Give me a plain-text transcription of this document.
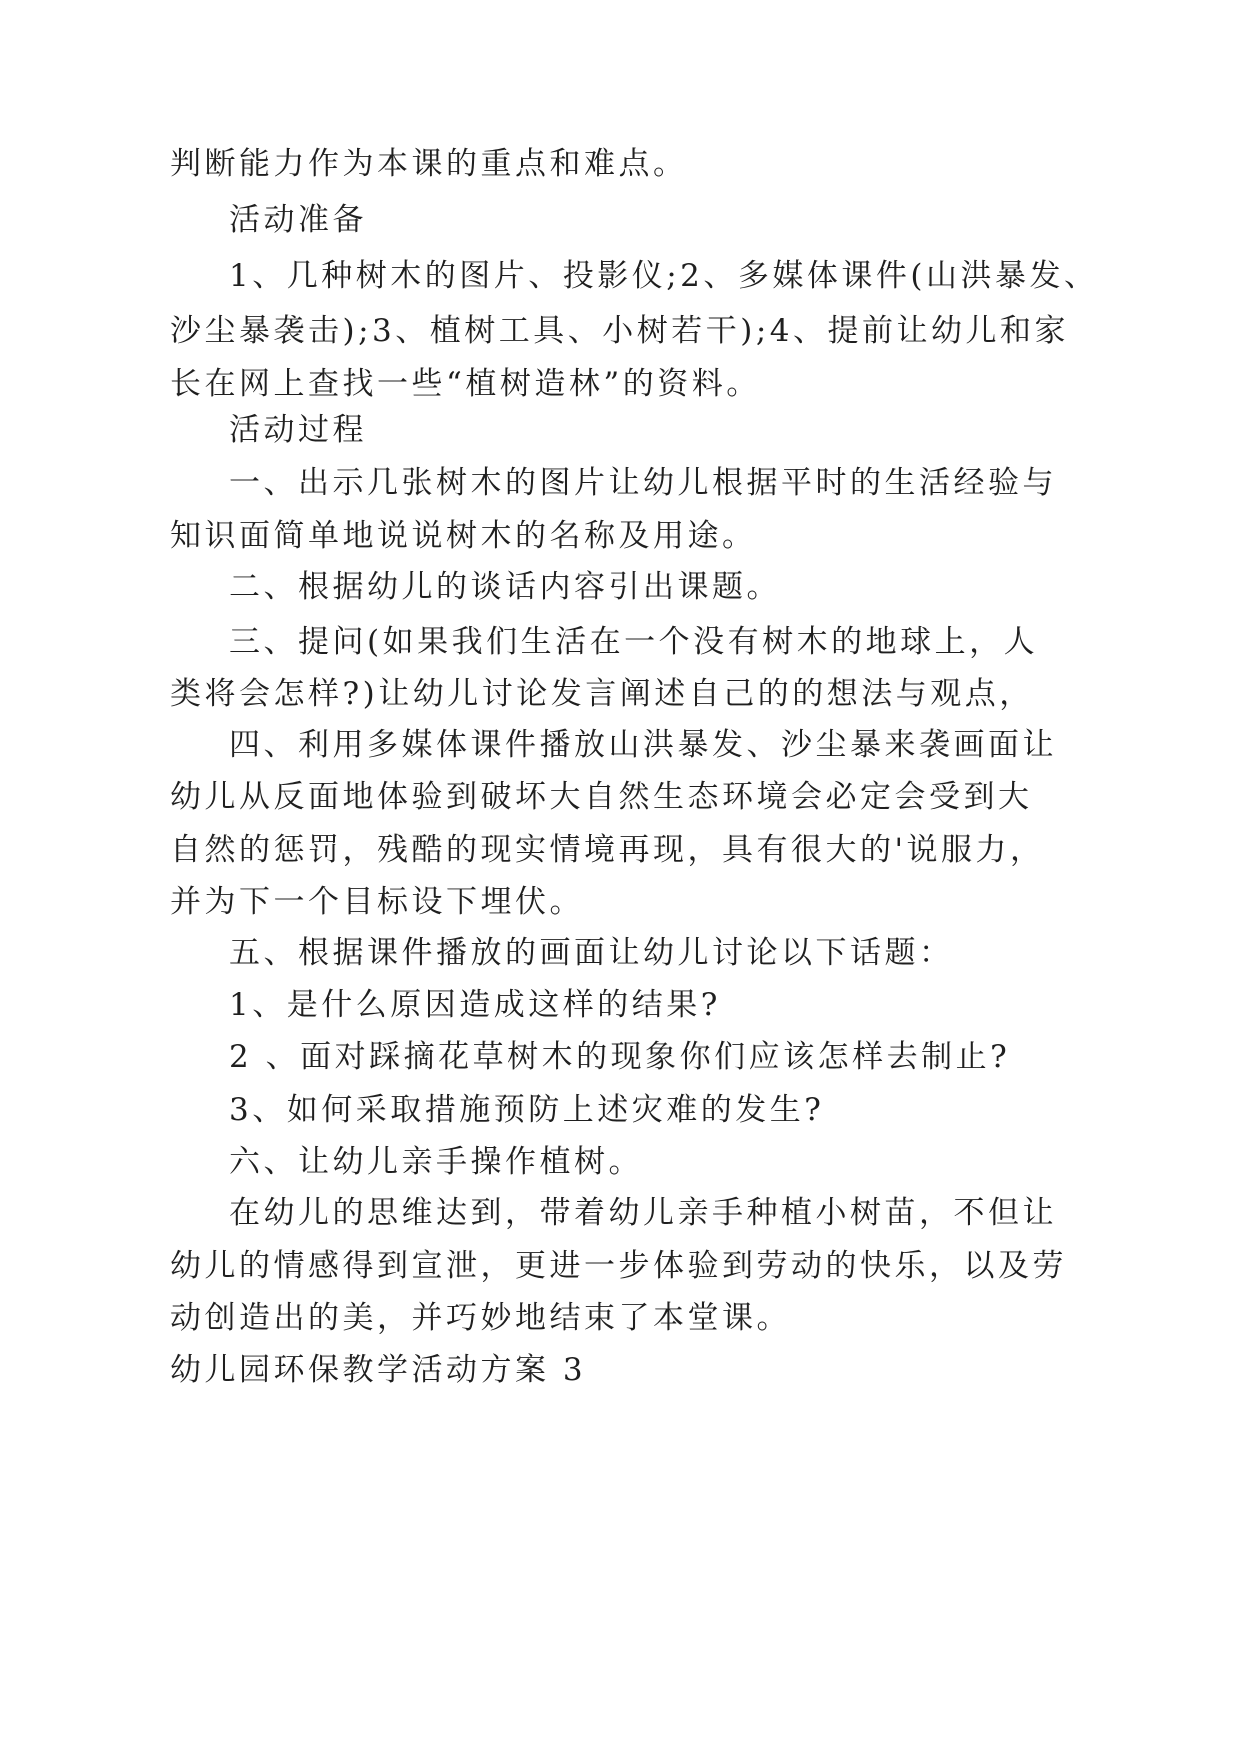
判断能力作为本课的重点和难点。
活动准备
1、几种树木的图片、投影仪;2、多媒体课件(山洪暴发、
沙尘暴袭击);3、植树工具、小树若干);4、提前让幼儿和家
长在网上查找一些“植树造林”的资料。
活动过程
一、出示几张树木的图片让幼儿根据平时的生活经验与
知识面简单地说说树木的名称及用途。
二、根据幼儿的谈话内容引出课题。
三、提问(如果我们生活在一个没有树木的地球上，人
类将会怎样?)让幼儿讨论发言阐述自己的的想法与观点，
四、利用多媒体课件播放山洪暴发、沙尘暴来袭画面让
幼儿从反面地体验到破坏大自然生态环境会必定会受到大
自然的惩罚，残酷的现实情境再现，具有很大的'说服力，
并为下一个目标设下埋伏。
五、根据课件播放的画面让幼儿讨论以下话题：
1、是什么原因造成这样的结果?
2 、面对踩摘花草树木的现象你们应该怎样去制止?
3、如何采取措施预防上述灾难的发生?
六、让幼儿亲手操作植树。
在幼儿的思维达到，带着幼儿亲手种植小树苗，不但让
幼儿的情感得到宣泄，更进一步体验到劳动的快乐，以及劳
动创造出的美，并巧妙地结束了本堂课。
幼儿园环保教学活动方案 3
